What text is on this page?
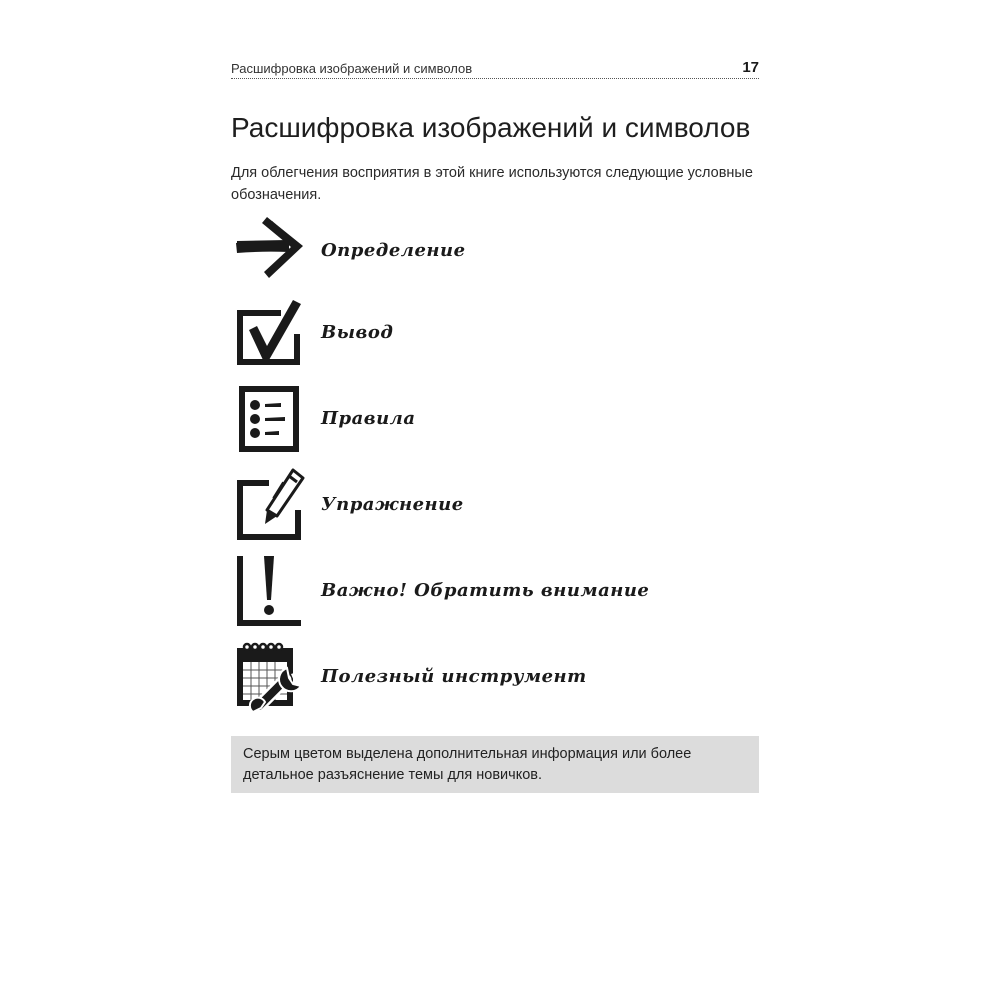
Расшифровка изображений и символов	17
Расшифровка изображений и символов
Для облегчения восприятия в этой книге используются следующие условные обозначения.
Определение
Вывод
Правила
Упражнение
Важно! Обратить внимание
Полезный инструмент
Серым цветом выделена дополнительная информация или более детальное разъяснение темы для новичков.
